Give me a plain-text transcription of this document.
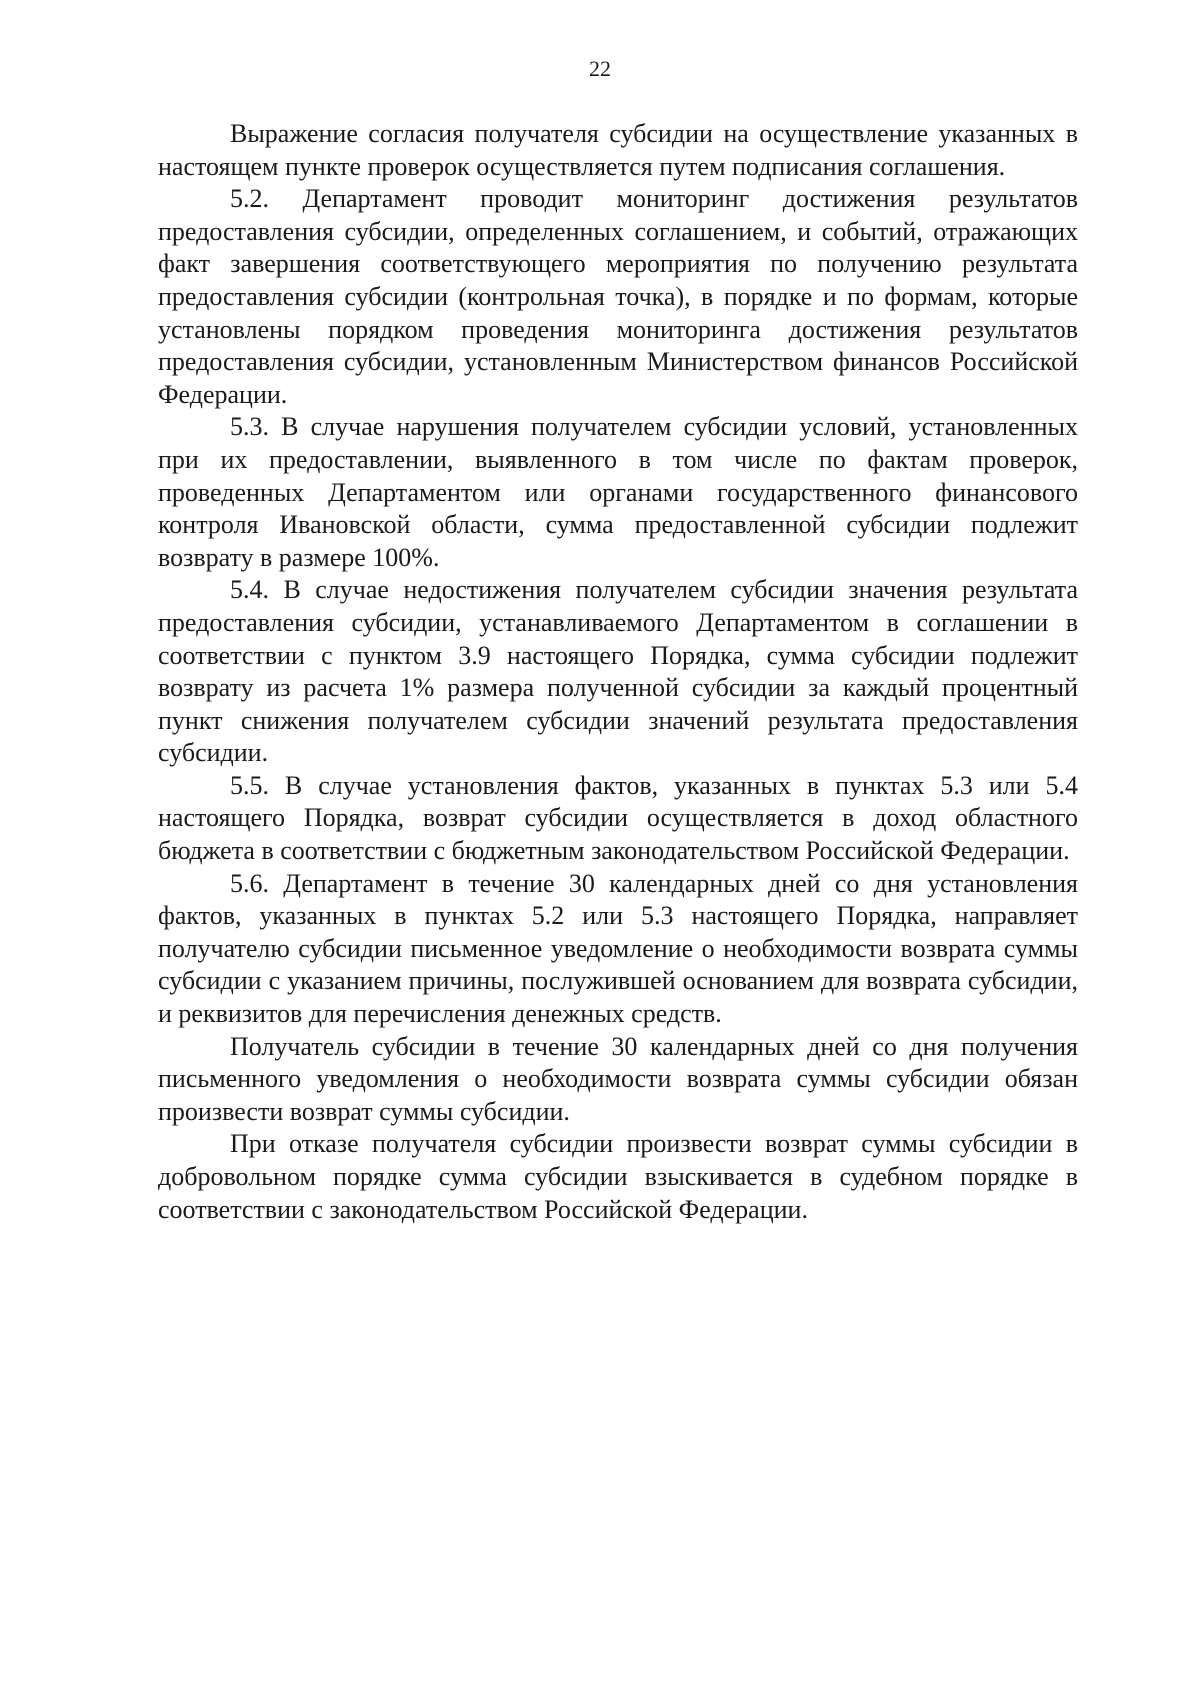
22

Выражение согласия получателя субсидии на осуществление указанных в настоящем пункте проверок осуществляется путем подписания соглашения.

5.2. Департамент проводит мониторинг достижения результатов предоставления субсидии, определенных соглашением, и событий, отражающих факт завершения соответствующего мероприятия по получению результата предоставления субсидии (контрольная точка), в порядке и по формам, которые установлены порядком проведения мониторинга достижения результатов предоставления субсидии, установленным Министерством финансов Российской Федерации.

5.3. В случае нарушения получателем субсидии условий, установленных при их предоставлении, выявленного в том числе по фактам проверок, проведенных Департаментом или органами государственного финансового контроля Ивановской области, сумма предоставленной субсидии подлежит возврату в размере 100%.

5.4. В случае недостижения получателем субсидии значения результата предоставления субсидии, устанавливаемого Департаментом в соглашении в соответствии с пунктом 3.9 настоящего Порядка, сумма субсидии подлежит возврату из расчета 1% размера полученной субсидии за каждый процентный пункт снижения получателем субсидии значений результата предоставления субсидии.

5.5. В случае установления фактов, указанных в пунктах 5.3 или 5.4 настоящего Порядка, возврат субсидии осуществляется в доход областного бюджета в соответствии с бюджетным законодательством Российской Федерации.

5.6. Департамент в течение 30 календарных дней со дня установления фактов, указанных в пунктах 5.2 или 5.3 настоящего Порядка, направляет получателю субсидии письменное уведомление о необходимости возврата суммы субсидии с указанием причины, послужившей основанием для возврата субсидии, и реквизитов для перечисления денежных средств.

Получатель субсидии в течение 30 календарных дней со дня получения письменного уведомления о необходимости возврата суммы субсидии обязан произвести возврат суммы субсидии.

При отказе получателя субсидии произвести возврат суммы субсидии в добровольном порядке сумма субсидии взыскивается в судебном порядке в соответствии с законодательством Российской Федерации.
